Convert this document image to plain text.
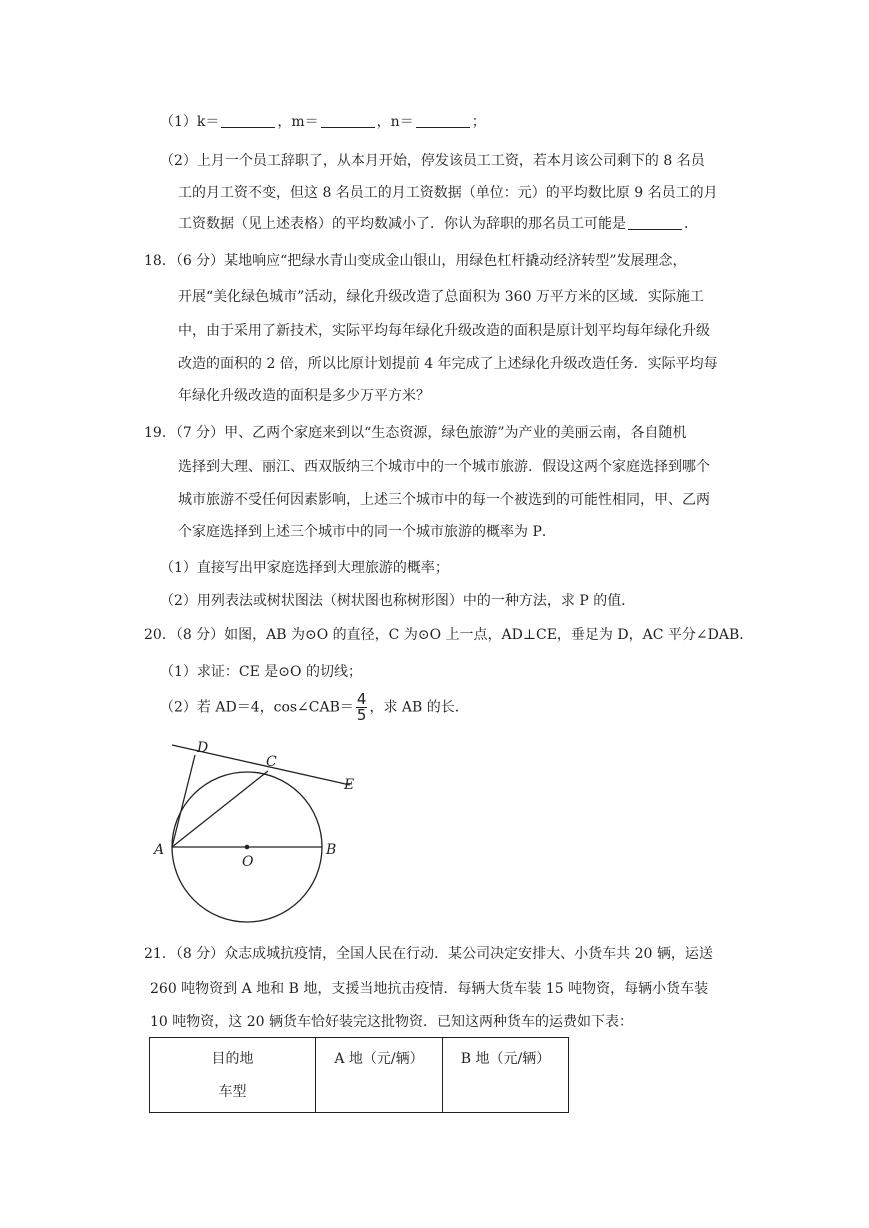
（1）k＝	，m＝	，n＝	；
（2）上月一个员工辞职了，从本月开始，停发该员工工资，若本月该公司剩下的 8 名员
工的月工资不变，但这 8 名员工的月工资数据（单位：元）的平均数比原 9 名员工的月
工资数据（见上述表格）的平均数减小了．你认为辞职的那名员工可能是	．
18．（6 分）某地响应“把绿水青山变成金山银山，用绿色杠杆撬动经济转型”发展理念，
开展“美化绿色城市”活动，绿化升级改造了总面积为 360 万平方米的区域．实际施工
中，由于采用了新技术，实际平均每年绿化升级改造的面积是原计划平均每年绿化升级
改造的面积的 2 倍，所以比原计划提前 4 年完成了上述绿化升级改造任务．实际平均每
年绿化升级改造的面积是多少万平方米？
19．（7 分）甲、乙两个家庭来到以“生态资源，绿色旅游”为产业的美丽云南，各自随机
选择到大理、丽江、西双版纳三个城市中的一个城市旅游．假设这两个家庭选择到哪个
城市旅游不受任何因素影响，上述三个城市中的每一个被选到的可能性相同，甲、乙两
个家庭选择到上述三个城市中的同一个城市旅游的概率为 P．
（1）直接写出甲家庭选择到大理旅游的概率；
（2）用列表法或树状图法（树状图也称树形图）中的一种方法，求 P 的值．
20．（8 分）如图，AB 为⊙O 的直径，C 为⊙O 上一点，AD⊥CE，垂足为 D，AC 平分∠DAB．
（1）求证：CE 是⊙O 的切线；
（2）若 AD＝4，cos∠CAB＝ $\frac{4}{5}$ ，求 AB 的长．
D
C
E
A
O
B
21．（8 分）众志成城抗疫情，全国人民在行动．某公司决定安排大、小货车共 20 辆，运送
260 吨物资到 A 地和 B 地，支援当地抗击疫情．每辆大货车装 15 吨物资，每辆小货车装
10 吨物资，这 20 辆货车恰好装完这批物资．已知这两种货车的运费如下表：
目的地
车型

A 地（元/辆）	B 地（元/辆）
